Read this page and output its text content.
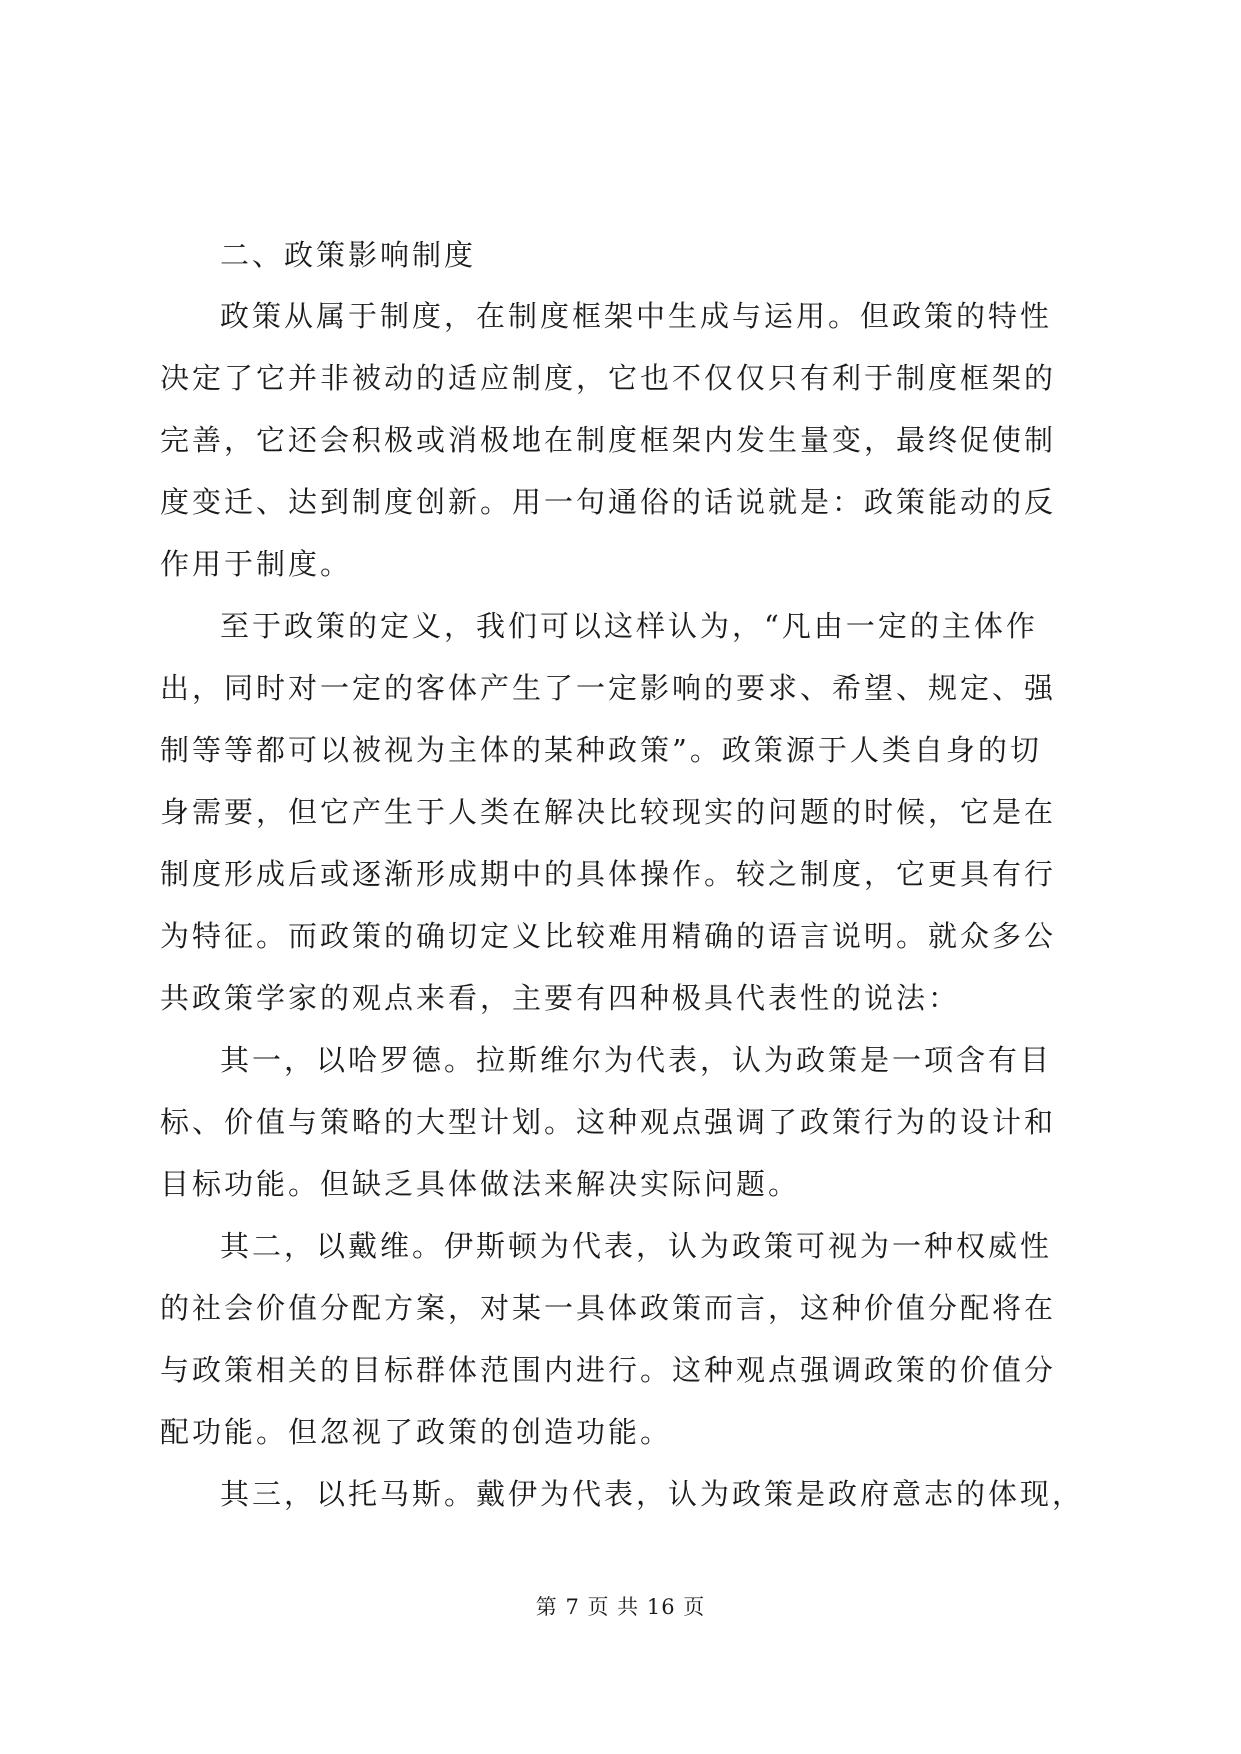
二、政策影响制度
政策从属于制度，在制度框架中生成与运用。但政策的特性
决定了它并非被动的适应制度，它也不仅仅只有利于制度框架的
完善，它还会积极或消极地在制度框架内发生量变，最终促使制
度变迁、达到制度创新。用一句通俗的话说就是：政策能动的反
作用于制度。
至于政策的定义，我们可以这样认为，“凡由一定的主体作
出，同时对一定的客体产生了一定影响的要求、希望、规定、强
制等等都可以被视为主体的某种政策”。政策源于人类自身的切
身需要，但它产生于人类在解决比较现实的问题的时候，它是在
制度形成后或逐渐形成期中的具体操作。较之制度，它更具有行
为特征。而政策的确切定义比较难用精确的语言说明。就众多公
共政策学家的观点来看，主要有四种极具代表性的说法：
其一，以哈罗德。拉斯维尔为代表，认为政策是一项含有目
标、价值与策略的大型计划。这种观点强调了政策行为的设计和
目标功能。但缺乏具体做法来解决实际问题。
其二，以戴维。伊斯顿为代表，认为政策可视为一种权威性
的社会价值分配方案，对某一具体政策而言，这种价值分配将在
与政策相关的目标群体范围内进行。这种观点强调政策的价值分
配功能。但忽视了政策的创造功能。
其三，以托马斯。戴伊为代表，认为政策是政府意志的体现，
第 7 页 共 16 页
